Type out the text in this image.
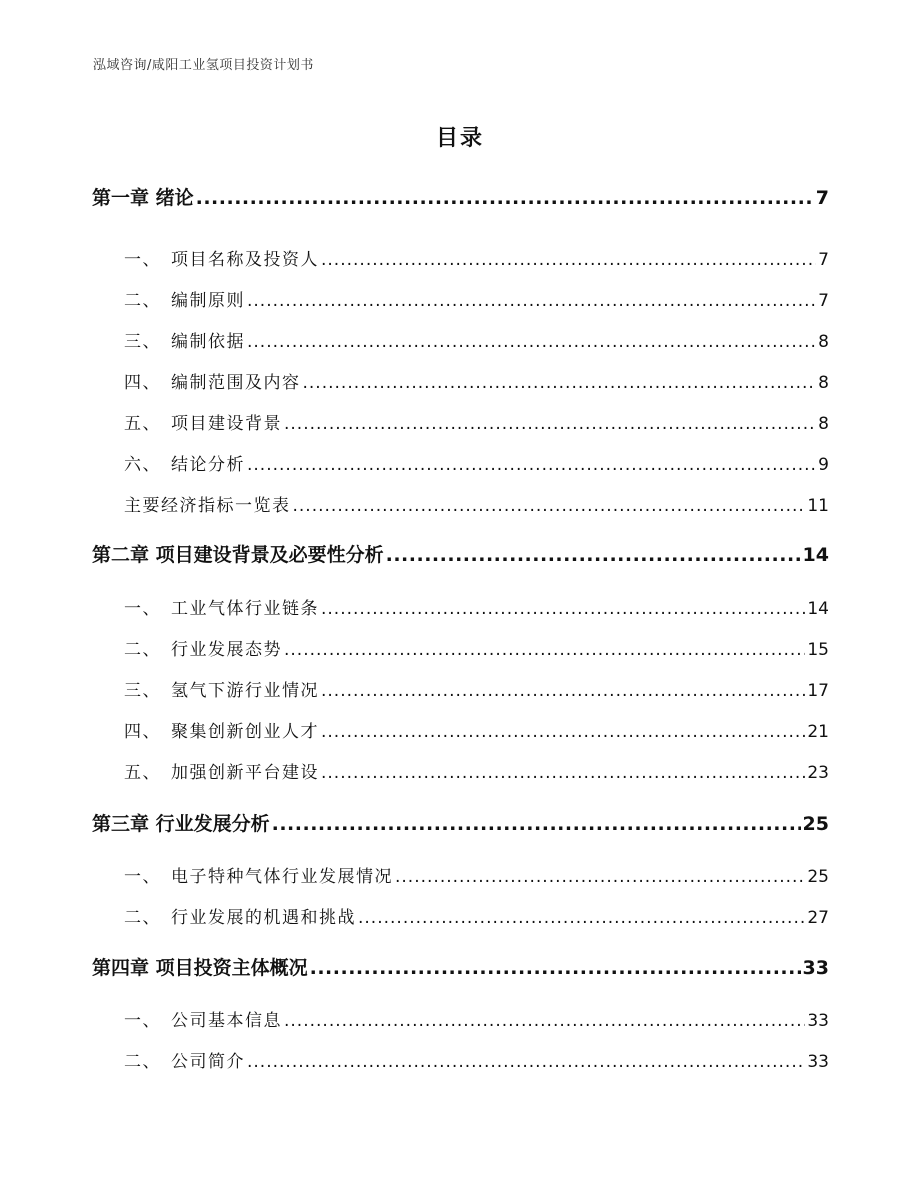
泓域咨询/咸阳工业氢项目投资计划书
目录
第一章 绪论 .....	7
一、 项目名称及投资人 .....	7
二、 编制原则 .....	7
三、 编制依据 .....	8
四、 编制范围及内容 .....	8
五、 项目建设背景 .....	8
六、 结论分析 .....	9
主要经济指标一览表 .....	11
第二章 项目建设背景及必要性分析 .....	14
一、 工业气体行业链条 .....	14
二、 行业发展态势 .....	15
三、 氢气下游行业情况 .....	17
四、 聚集创新创业人才 .....	21
五、 加强创新平台建设 .....	23
第三章 行业发展分析 .....	25
一、 电子特种气体行业发展情况 .....	25
二、 行业发展的机遇和挑战 .....	27
第四章 项目投资主体概况 .....	33
一、 公司基本信息 .....	33
二、 公司简介 .....	33
